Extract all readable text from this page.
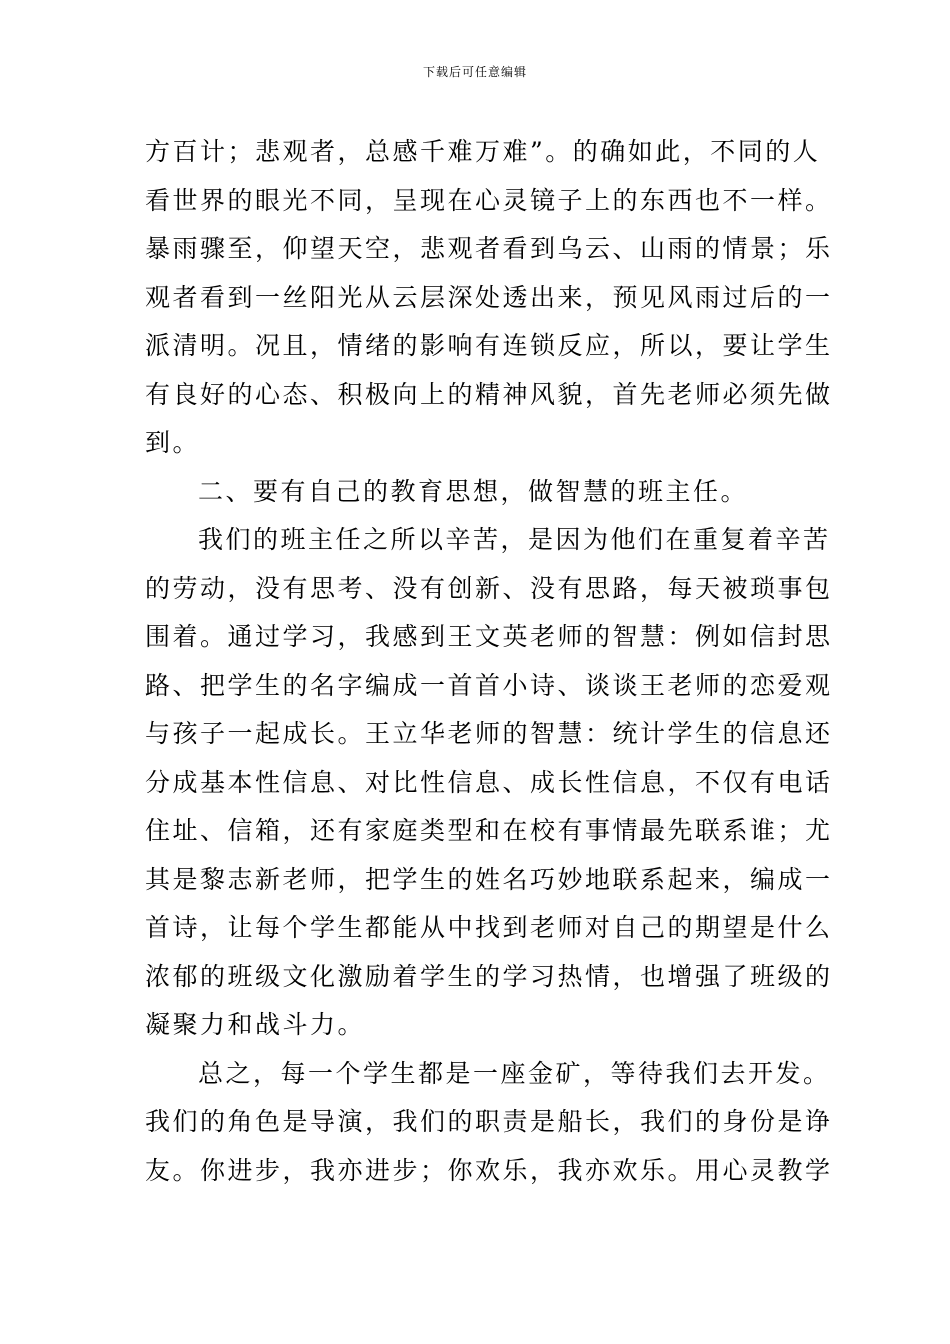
下载后可任意编辑
方百计；悲观者，总感千难万难”。的确如此，不同的人
看世界的眼光不同，呈现在心灵镜子上的东西也不一样。
暴雨骤至，仰望天空，悲观者看到乌云、山雨的情景；乐
观者看到一丝阳光从云层深处透出来，预见风雨过后的一
派清明。况且，情绪的影响有连锁反应，所以，要让学生
有良好的心态、积极向上的精神风貌，首先老师必须先做
到。
二、要有自己的教育思想，做智慧的班主任。
我们的班主任之所以辛苦，是因为他们在重复着辛苦
的劳动，没有思考、没有创新、没有思路，每天被琐事包
围着。通过学习，我感到王文英老师的智慧：例如信封思
路、把学生的名字编成一首首小诗、谈谈王老师的恋爱观
与孩子一起成长。王立华老师的智慧：统计学生的信息还
分成基本性信息、对比性信息、成长性信息，不仅有电话
住址、信箱，还有家庭类型和在校有事情最先联系谁；尤
其是黎志新老师，把学生的姓名巧妙地联系起来，编成一
首诗，让每个学生都能从中找到老师对自己的期望是什么
浓郁的班级文化激励着学生的学习热情，也增强了班级的
凝聚力和战斗力。
总之，每一个学生都是一座金矿，等待我们去开发。
我们的角色是导演，我们的职责是船长，我们的身份是诤
友。你进步，我亦进步；你欢乐，我亦欢乐。用心灵教学
